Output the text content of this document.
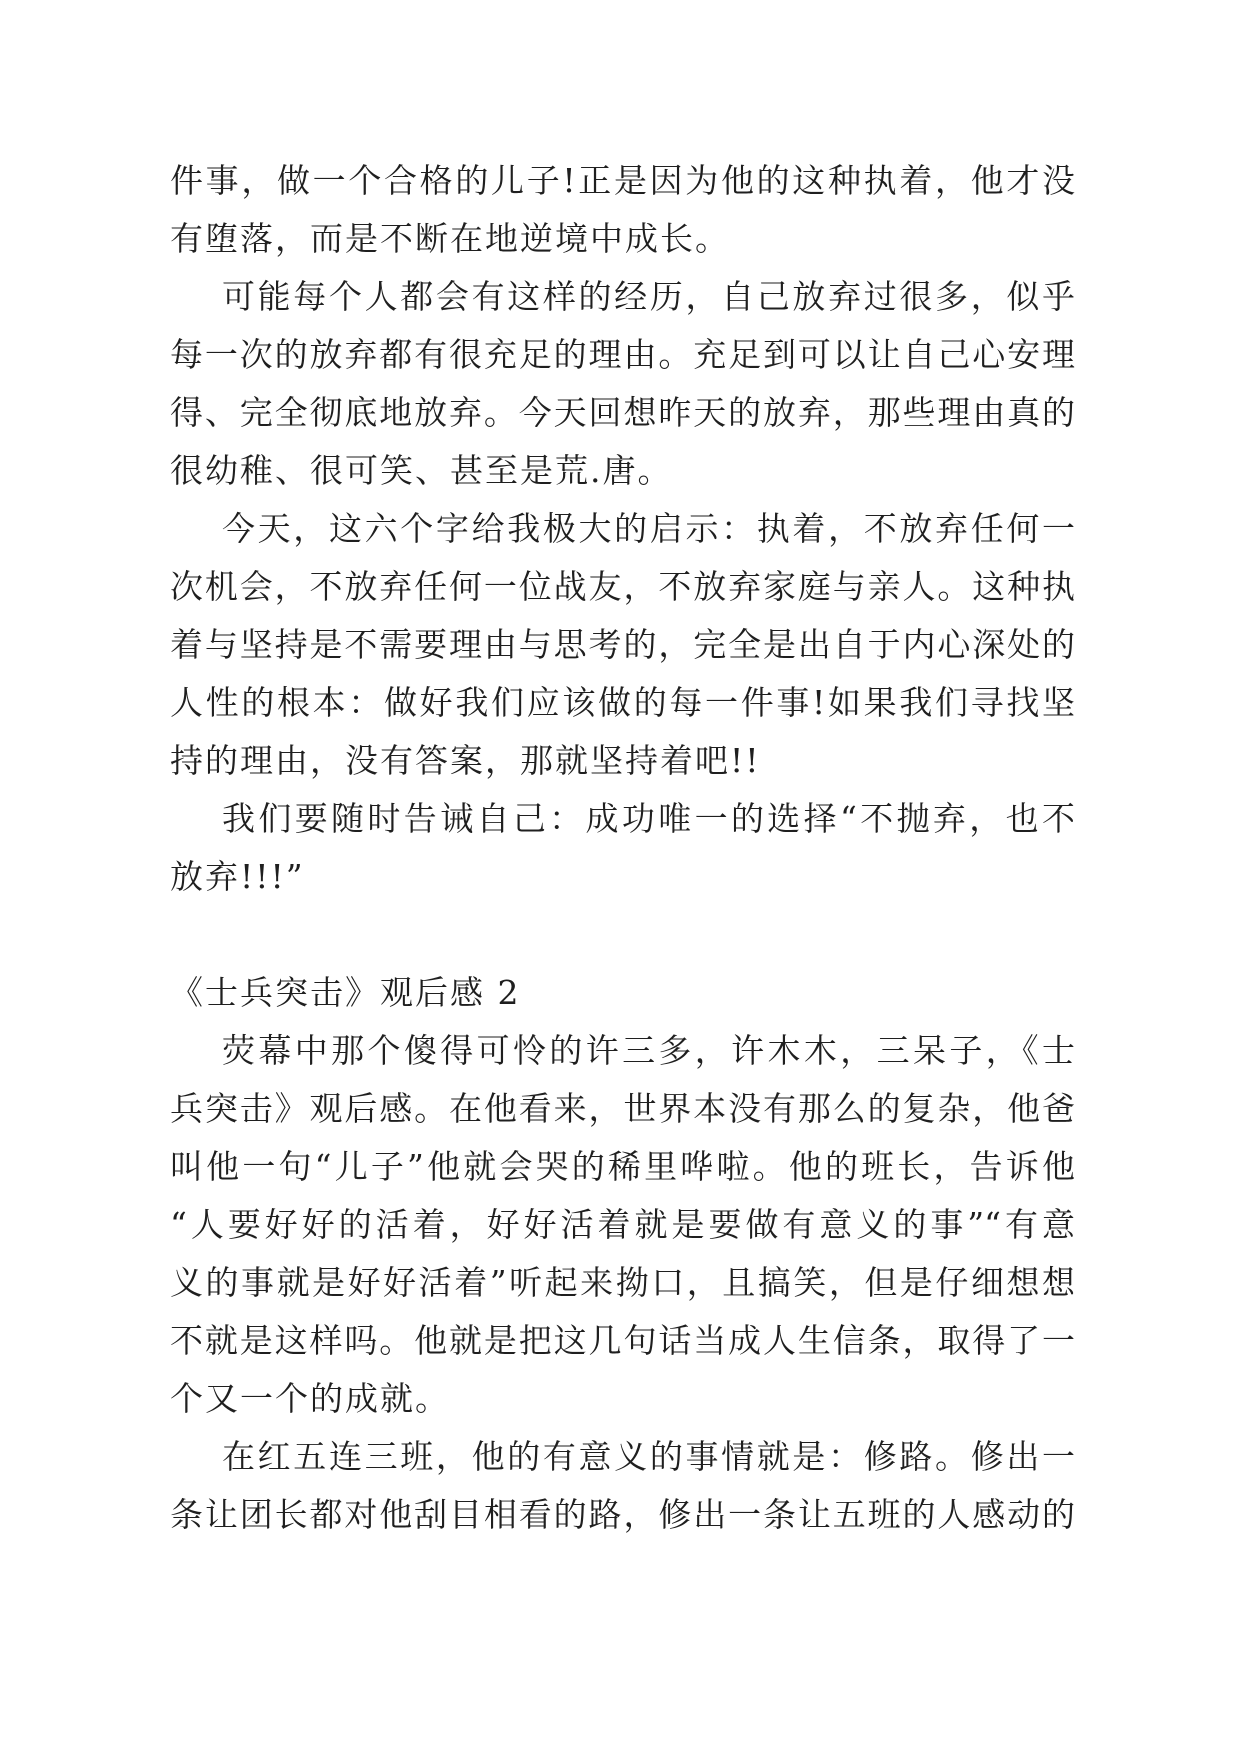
件事，做一个合格的儿子!正是因为他的这种执着，他才没
有堕落，而是不断在地逆境中成长。
可能每个人都会有这样的经历，自己放弃过很多，似乎
每一次的放弃都有很充足的理由。充足到可以让自己心安理
得、完全彻底地放弃。今天回想昨天的放弃，那些理由真的
很幼稚、很可笑、甚至是荒.唐。
今天，这六个字给我极大的启示：执着，不放弃任何一
次机会，不放弃任何一位战友，不放弃家庭与亲人。这种执
着与坚持是不需要理由与思考的，完全是出自于内心深处的
人性的根本：做好我们应该做的每一件事!如果我们寻找坚
持的理由，没有答案，那就坚持着吧!!
我们要随时告诫自己：成功唯一的选择“不抛弃，也不
放弃!!!”
《士兵突击》观后感 2
荧幕中那个傻得可怜的许三多，许木木，三呆子，《士
兵突击》观后感。在他看来，世界本没有那么的复杂，他爸
叫他一句“儿子”他就会哭的稀里哗啦。他的班长，告诉他
“人要好好的活着，好好活着就是要做有意义的事”“有意
义的事就是好好活着”听起来拗口，且搞笑，但是仔细想想
不就是这样吗。他就是把这几句话当成人生信条，取得了一
个又一个的成就。
在红五连三班，他的有意义的事情就是：修路。修出一
条让团长都对他刮目相看的路，修出一条让五班的人感动的
